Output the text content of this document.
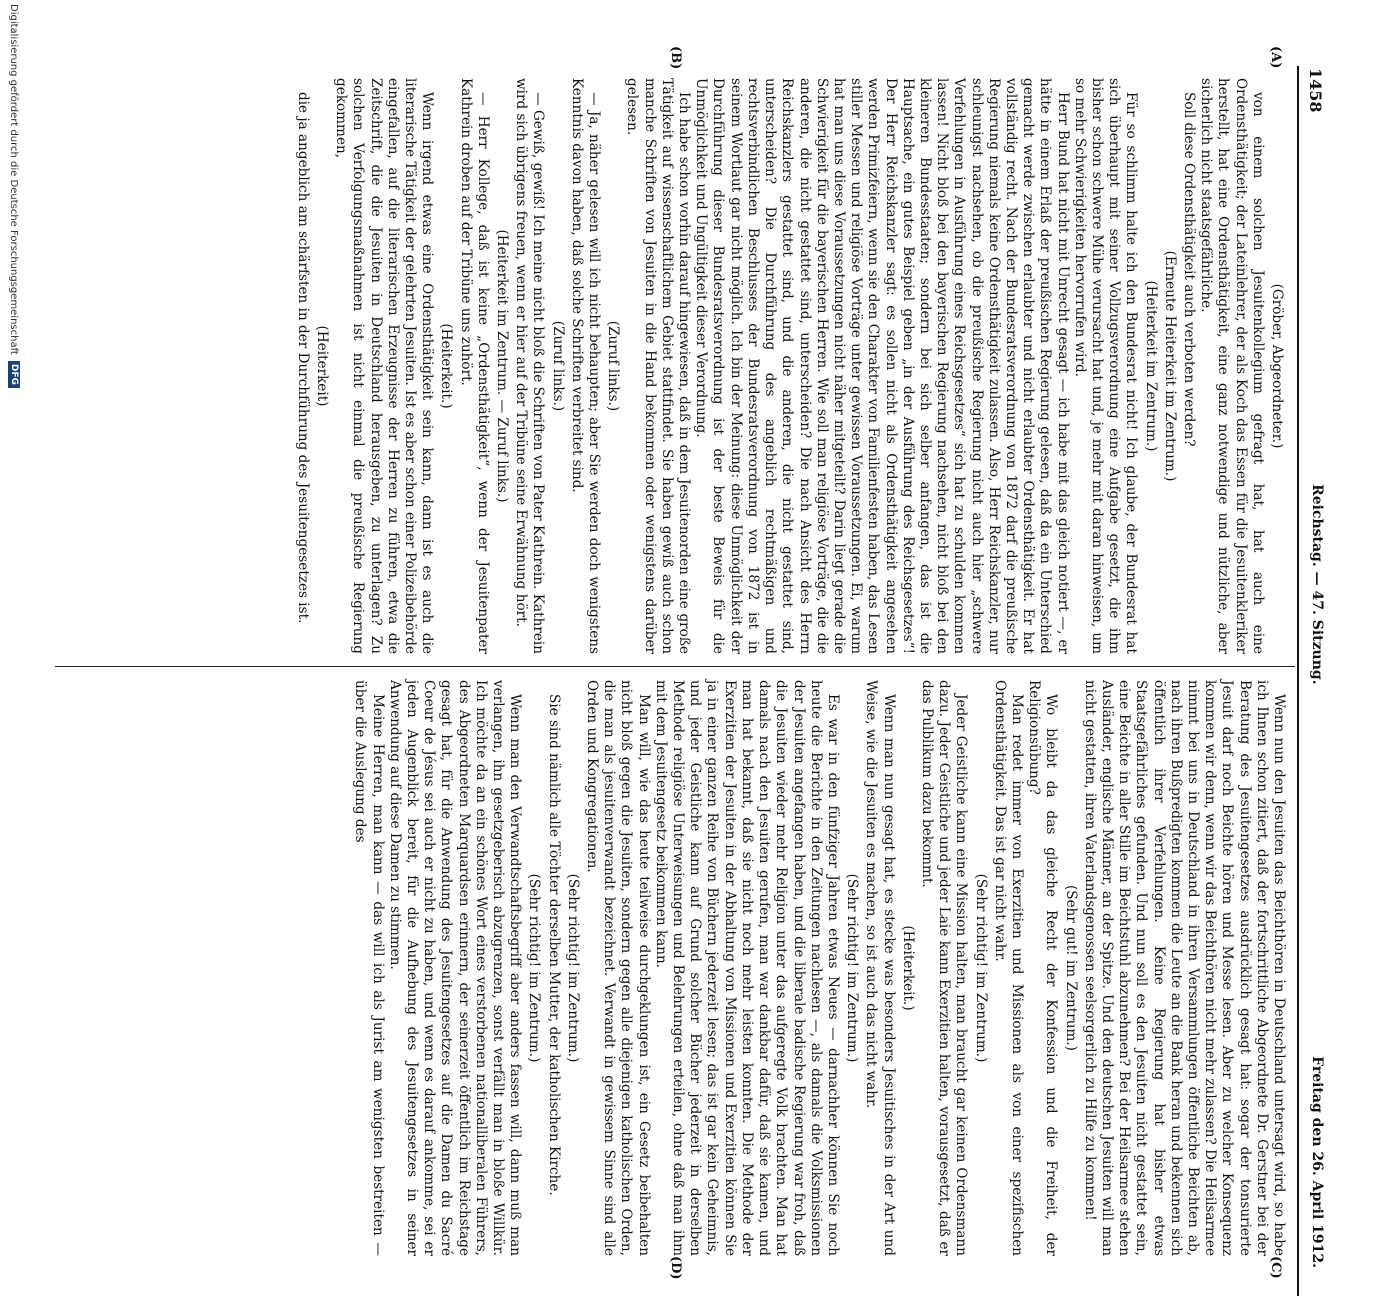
1458
Reichstag. — 47. Sitzung.
Freitag den 26. April 1912.
(A)
(B)
(C)
(D)

(Gröber, Abgeordneter.)

von einem solchen Jesuitenkollegium gefragt hat, hat auch eine Ordensthätigkeit; der Lateinlehrer, der als Koch das Essen für die Jesuitenkleriker herstellt, hat eine Ordensthätigkeit, eine ganz notwendige und nützliche, aber sicherlich nicht staatsgefährliche.

Soll diese Ordensthätigkeit auch verboten werden?

(Erneute Heiterkeit im Zentrum.)

(Heiterkeit im Zentrum.)

Für so schlimm halte ich den Bundesrat nicht! Ich glaube, der Bundesrat hat sich überhaupt mit seiner Vollzugsverordnung eine Aufgabe gesetzt, die ihm bisher schon schwere Mühe verursacht hat und, je mehr mit daran hinweisen, um so mehr Schwierigkeiten hervorrufen wird.

Herr Bund hat nicht mit Unrecht gesagt — ich habe mit das gleich notiert —, er hätte in einem Erlaß der preußischen Regierung gelesen, daß da ein Unterschied gemacht werde zwischen erlaubter und nicht erlaubter Ordensthätigkeit. Er hat vollständig recht. Nach der Bundesratsverordnung von 1872 darf die preußische Regierung niemals keine Ordensthätigkeit zulassen. Also, Herr Reichskanzler, nur schleunigst nachsehen, ob die preußische Regierung nicht auch hier „schwere Verfehlungen in Ausführung eines Reichsgesetzes“ sich hat zu schulden kommen lassen! Nicht bloß bei den bayerischen Regierung nachsehen, nicht bloß bei den kleineren Bundesstaaten; sondern bei sich selber anfangen, das ist die Hauptsache, ein gutes Beispiel geben „in der Ausführung des Reichsgesetzes“! Der Herr Reichskanzler sagt: es sollen nicht als Ordensthätigkeit angesehen werden Primizfeiern, wenn sie den Charakter von Familienfesten haben, das Lesen stiller Messen und religiöse Vorträge unter gewissen Voraussetzungen. Ei, warum hat man uns diese Voraussetzungen nicht näher mitgeteilt? Darin liegt gerade die Schwierigkeit für die bayerischen Herren. Wie soll man religiöse Vorträge, die die anderen, die nicht gestattet sind, unterscheiden? Die nach Ansicht des Herrn Reichskanzlers gestattet sind, und die anderen, die nicht gestattet sind, unterscheiden? Die Durchführung des angeblich rechtmäßigen und rechtsverbindlichen Beschlusses der Bundesratsverordnung von 1872 ist in seinem Wortlaut gar nicht möglich. Ich bin der Meinung: diese Unmöglichkeit der Durchführung dieser Bundesratsverordnung ist der beste Beweis für die Unmöglichkeit und Ungültigkeit dieser Verordnung.

Ich habe schon vorhin darauf hingewiesen, daß in dem Jesuitenorden eine große Tätigkeit auf wissenschaftlichem Gebiet stattfindet. Sie haben gewiß auch schon manche Schriften von Jesuiten in die Hand bekommen oder wenigstens darüber gelesen.

(Zuruf links.)

— Ja, näher gelesen will ich nicht behaupten; aber Sie werden doch wenigstens Kenntnis davon haben, daß solche Schriften verbreitet sind.

(Zuruf links.)

— Gewiß, gewiß! Ich meine nicht bloß die Schriften von Pater Kathrein. Kathrein wird sich übrigens freuen, wenn er hier auf der Tribüne seine Erwähnung hört.

(Heiterkeit im Zentrum. — Zuruf links.)

— Herr Kollege, daß ist keine „Ordensthätigkeit“, wenn der Jesuitenpater Kathrein droben auf der Tribüne uns zuhört.

(Heiterkeit.)

Wenn irgend etwas eine Ordensthätigkeit sein kann, dann ist es auch die literarische Tätigkeit der gelehrten Jesuiten. Ist es aber schon einer Polizeibehörde eingefallen, auf die literarischen Erzeugnisse der Herren zu führen, etwa die Zeitschrift, die die Jesuiten in Deutschland herausgeben, zu unterlagen? Zu solchen Verfolgungsmaßnahmen ist nicht einmal die preußische Regierung gekommen,

(Heiterkeit)

die ja angeblich am schärfsten in der Durchführung des Jesuitengesetzes ist.

Wenn nun den Jesuiten das Beichthören in Deutschland untersagt wird, so habe ich Ihnen schon zitiert, daß der fortschrittliche Abgeordnete Dr. Gerstner bei der Beratung des Jesuitengesetzes ausdrücklich gesagt hat: sogar der tonsurierte Jesuit darf noch Beichte hören und Messe lesen. Aber zu welcher Konsequenz kommen wir denn, wenn wir das Beichthören nicht mehr zulassen? Die Heilsarmee nimmt bei uns in Deutschland in ihren Versammlungen öffentliche Beichten ab, nach ihren Bußpredigten kommen die Leute an die Bank heran und bekennen sich öffentlich ihrer Verfehlungen. Keine Regierung hat bisher etwas Staatsgefährliches gefunden. Und nun soll es den Jesuiten nicht gestattet sein, eine Beichte in aller Stille im Beichtstuhl abzunehmen? Bei der Heilsarmee stehen Ausländer, englische Männer, an der Spitze. Und den deutschen Jesuiten will man nicht gestatten, ihren Vaterlandsgenossen seelsorgerlich zu Hilfe zu kommen!

(Sehr gut! im Zentrum.)

Wo bleibt da das gleiche Recht der Konfession und die Freiheit, der Religionsübung?

Man redet immer von Exerzitien und Missionen als von einer spezifischen Ordensthätigkeit. Das ist gar nicht wahr.

(Sehr richtig! im Zentrum.)

Jeder Geistliche kann eine Mission halten, man braucht gar keinen Ordensmann dazu. Jeder Geistliche und jeder Laie kann Exerzitien halten, vorausgesetzt, daß er das Pulblikum dazu bekommt.

(Heiterkeit.)

Wenn man nun gesagt hat, es stecke was besonders Jesuitisches in der Art und Weise, wie die Jesuiten es machen, so ist auch das nicht wahr.

(Sehr richtig! im Zentrum.)

Es war in den fünfziger Jahren etwas Neues — darnachher können Sie noch heute die Berichte in den Zeitungen nachlesen —, als damals die Volksmissionen der Jesuiten angefangen haben, und die liberale badische Regierung war froh, daß die Jesuiten wieder mehr Religion unter das aufgeregte Volk brachten. Man hat damals nach den Jesuiten gerufen, man war dankbar dafür, daß sie kamen, und man hat bekannt, daß sie nicht noch mehr leisten konnten. Die Methode der Exerzitien der Jesuiten in der Abhaltung von Missionen und Exerzitien können Sie ja in einer ganzen Reihe von Büchern jederzeit lesen; das ist gar kein Geheimnis, und jeder Geistliche kann auf Grund solcher Bücher jederzeit in derselben Methode religiöse Unterweisungen und Belehrungen erteilen, ohne daß man ihm mit dem Jesuitengesetz beikommen kann.

Man will, wie das heute teilweise durchgeklungen ist, ein Gesetz beibehalten nicht bloß gegen die Jesuiten, sondern gegen alle diejenigen katholischen Orden, die man als jesuitenverwandt bezeichnet. Verwandt in gewissem Sinne sind alle Orden und Kongregationen.

(Sehr richtig! im Zentrum.)

Sie sind nämlich alle Töchter derselben Mutter, der katholischen Kirche.

(Sehr richtig! im Zentrum.)

Wenn man den Verwandtschaftsbegriff aber anders fassen will, dann muß man verlangen, ihn gesetzgeberisch abzugrenzen, sonst verfällt man in bloße Willkür. Ich möchte da an ein schönes Wort eines verstorbenen nationalliberalen Führers, des Abgeordneten Marquardsen erinnern, der seinerzeit öffentlich im Reichstage gesagt hat, für die Anwendung des Jesuitengesetzes auf die Damen du Sacré Coeur de Jésus sei auch er nicht zu haben, und wenn es darauf ankomme, sei er jeden Augenblick bereit, für die Aufhebung des Jesuitengesetzes in seiner Anwendung auf diese Damen zu stimmen.

Meine Herren, man kann — das will ich als Jurist am wenigsten bestreiten — über die Auslegung des

Digitalisierung gefördert durch die Deutsche Forschungsgemeinschaft
DFG
